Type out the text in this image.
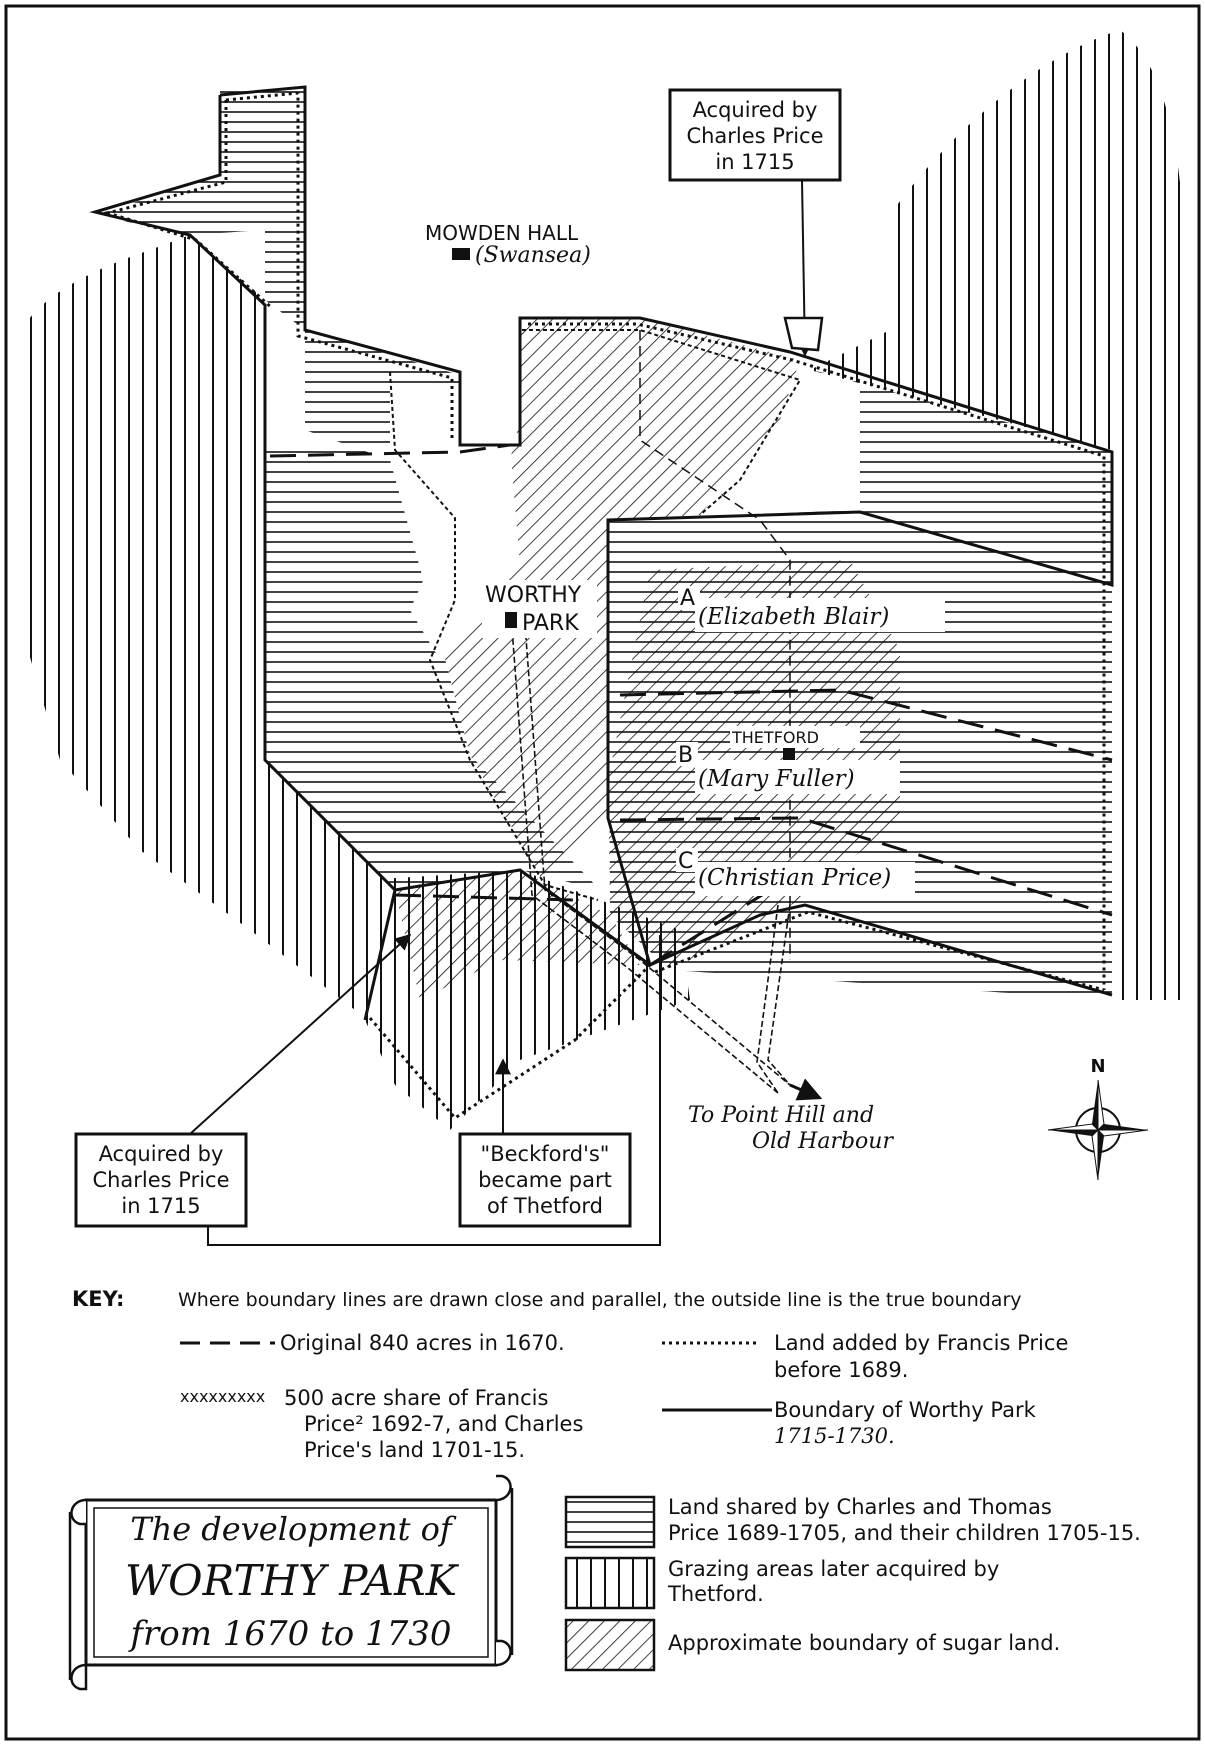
Acquired by
Charles Price
in 1715
Acquired by
Charles Price
in 1715
"Beckford's"
became part
of Thetford
MOWDEN HALL
(Swansea)
WORTHY
PARK
A
(Elizabeth Blair)
THETFORD
B
(Mary Fuller)
C
(Christian Price)
To Point Hill and
Old Harbour
N
KEY:	Where boundary lines are drawn close and parallel, the outside line is the true boundary
Original 840 acres in 1670.	Land added by Francis Price
before 1689.
xxxxxxxxx 500 acre share of Francis
Price² 1692-7, and Charles
Price's land 1701-15.
Boundary of Worthy Park
1715-1730.
Land shared by Charles and Thomas
Price 1689-1705, and their children 1705-15.
Grazing areas later acquired by
Thetford.
Approximate boundary of sugar land.
The development of
WORTHY PARK
from 1670 to 1730
